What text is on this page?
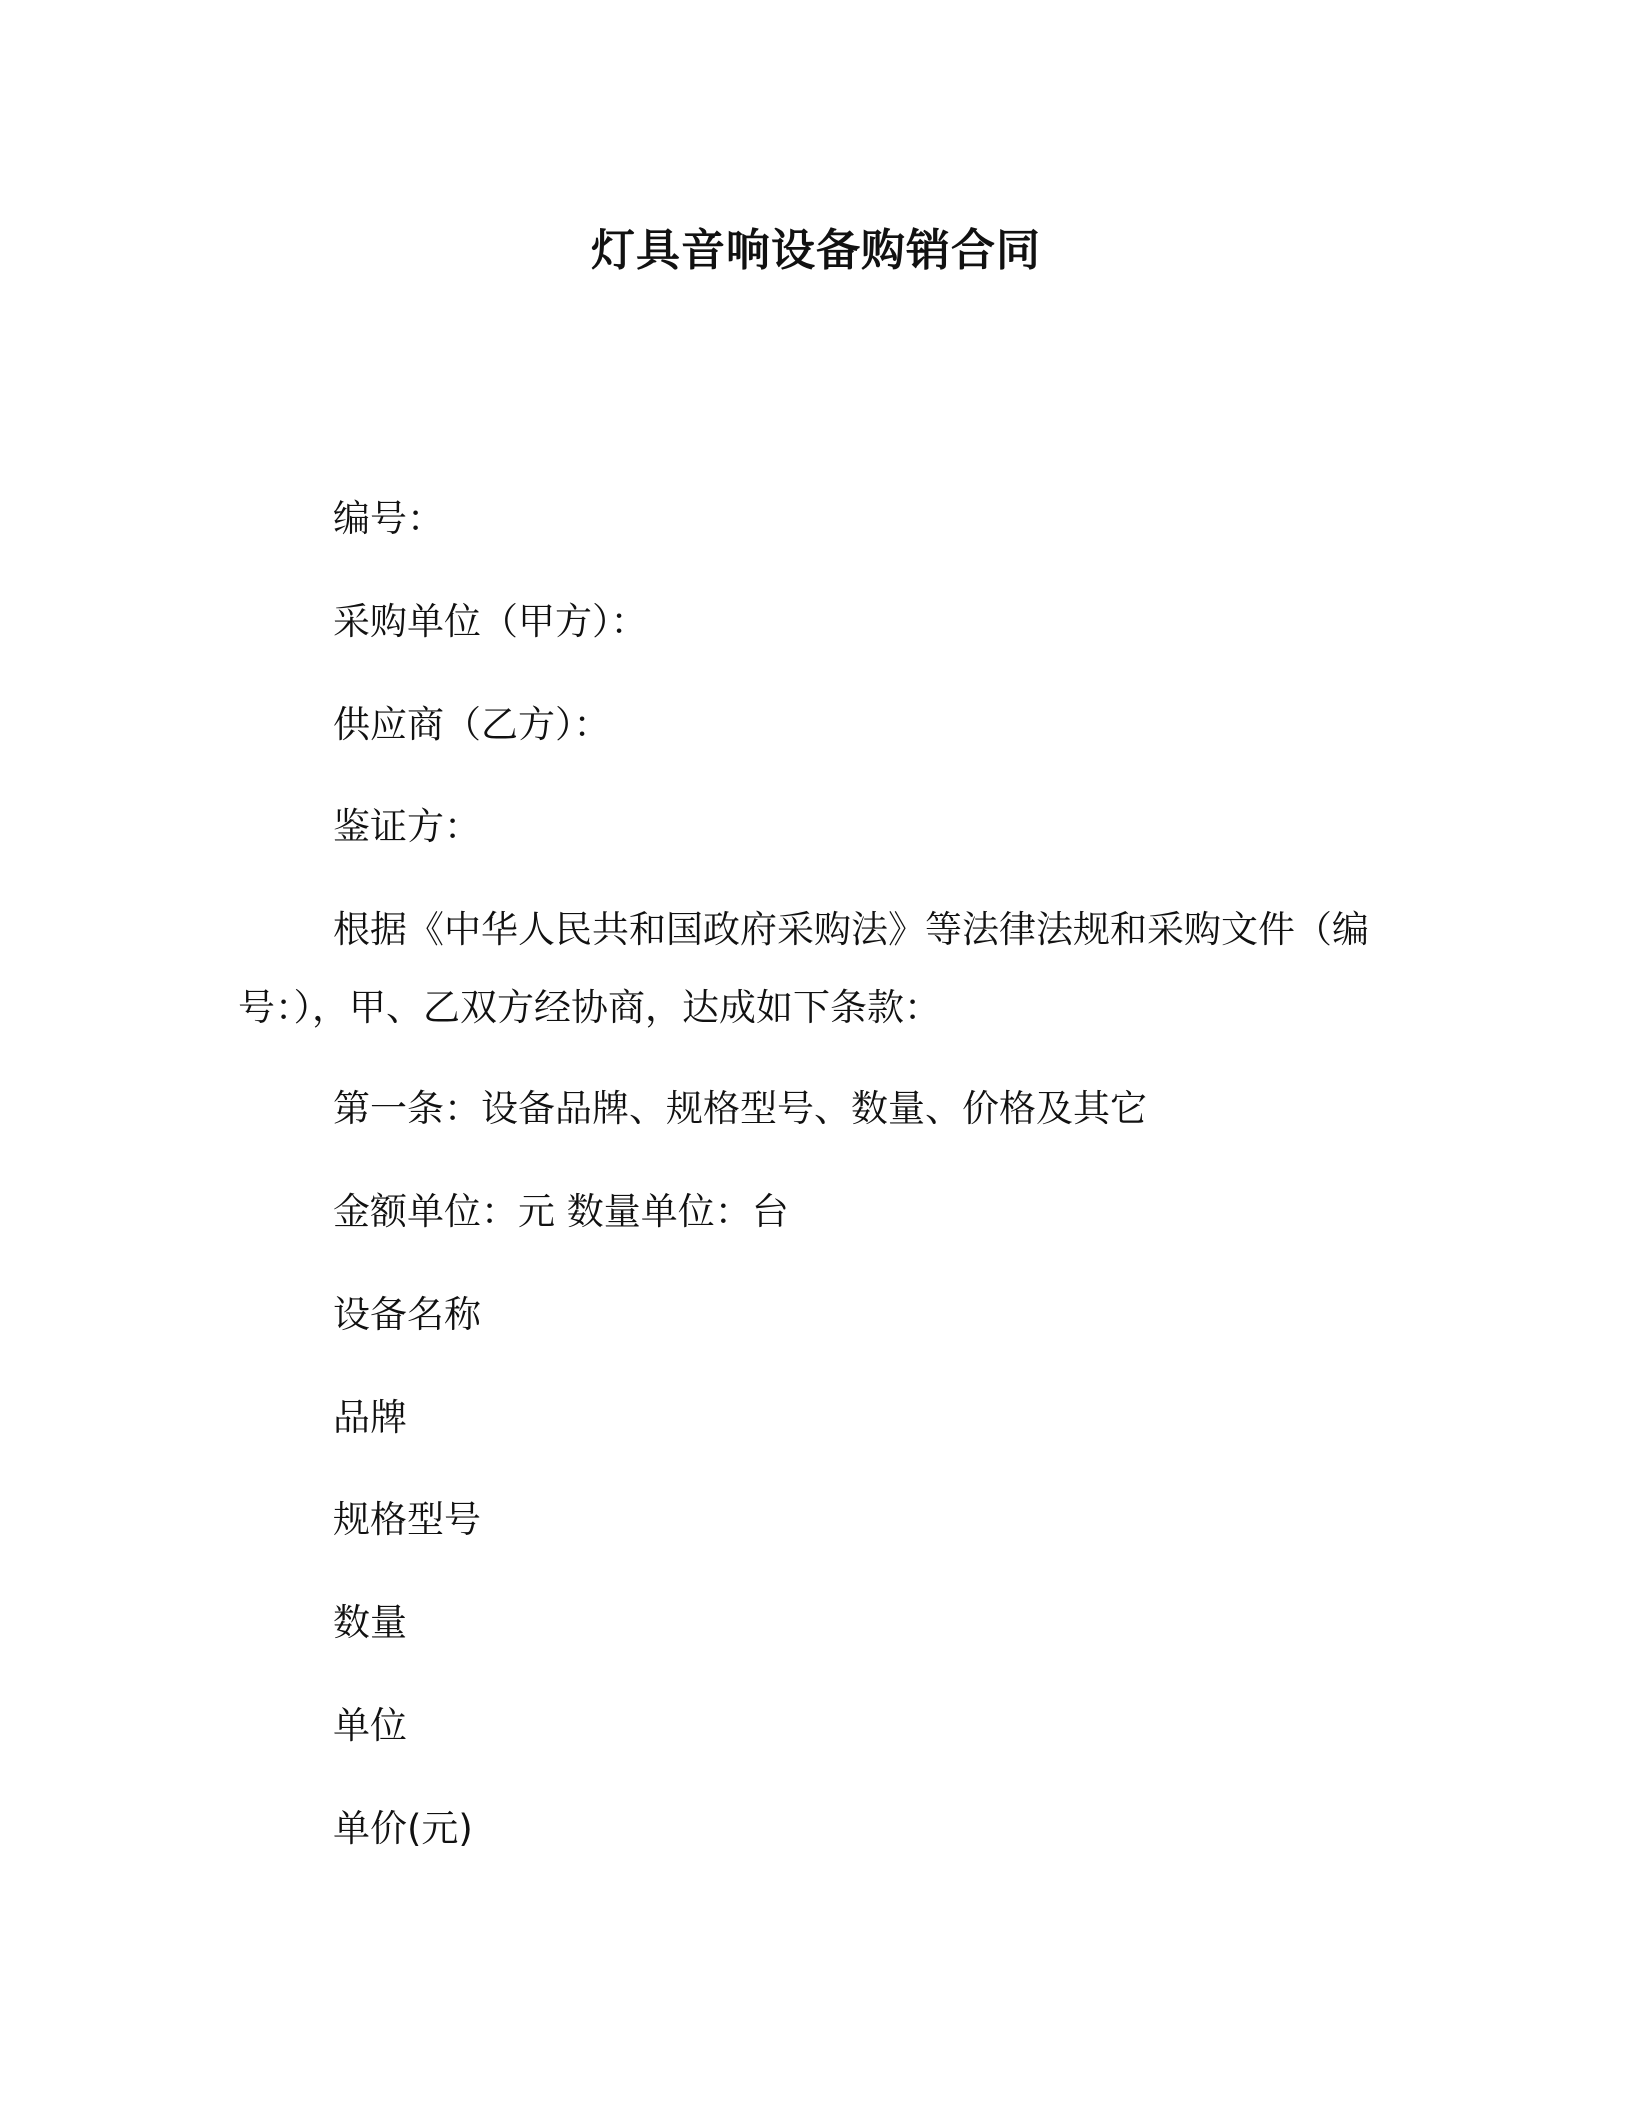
灯具音响设备购销合同

编号：

采购单位（甲方）：

供应商（乙方）：

鉴证方：

根据《中华人民共和国政府采购法》等法律法规和采购文件（编号：），甲、乙双方经协商，达成如下条款：

第一条：设备品牌、规格型号、数量、价格及其它

金额单位：元 数量单位：台

设备名称

品牌

规格型号

数量

单位

单价(元)
